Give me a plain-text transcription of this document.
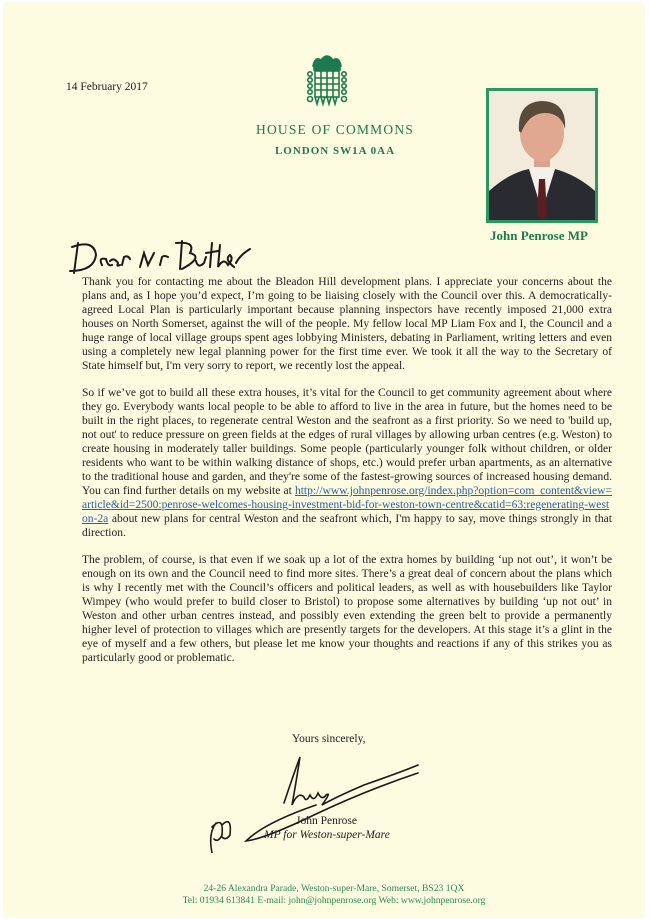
14 February 2017
HOUSE OF COMMONS
LONDON SW1A 0AA
John Penrose MP

Thank you for contacting me about the Bleadon Hill development plans. I appreciate your concerns about the plans and, as I hope you’d expect, I’m going to be liaising closely with the Council over this. A democratically-agreed Local Plan is particularly important because planning inspectors have recently imposed 21,000 extra houses on North Somerset, against the will of the people. My fellow local MP Liam Fox and I, the Council and a huge range of local village groups spent ages lobbying Ministers, debating in Parliament, writing letters and even using a completely new legal planning power for the first time ever. We took it all the way to the Secretary of State himself but, I'm very sorry to report, we recently lost the appeal.

So if we’ve got to build all these extra houses, it’s vital for the Council to get community agreement about where they go. Everybody wants local people to be able to afford to live in the area in future, but the homes need to be built in the right places, to regenerate central Weston and the seafront as a first priority. So we need to 'build up, not out' to reduce pressure on green fields at the edges of rural villages by allowing urban centres (e.g. Weston) to create housing in moderately taller buildings. Some people (particularly younger folk without children, or older residents who want to be within walking distance of shops, etc.) would prefer urban apartments, as an alternative to the traditional house and garden, and they're some of the fastest-growing sources of increased housing demand. You can find further details on my website at http://www.johnpenrose.org/index.php?option=com_content&view=article&id=2500:penrose-welcomes-housing-investment-bid-for-weston-town-centre&catid=63:regenerating-weston-2a about new plans for central Weston and the seafront which, I'm happy to say, move things strongly in that direction.

The problem, of course, is that even if we soak up a lot of the extra homes by building ‘up not out’, it won’t be enough on its own and the Council need to find more sites. There’s a great deal of concern about the plans which is why I recently met with the Council’s officers and political leaders, as well as with housebuilders like Taylor Wimpey (who would prefer to build closer to Bristol) to propose some alternatives by building ‘up not out’ in Weston and other urban centres instead, and possibly even extending the green belt to provide a permanently higher level of protection to villages which are presently targets for the developers. At this stage it’s a glint in the eye of myself and a few others, but please let me know your thoughts and reactions if any of this strikes you as particularly good or problematic.

Yours sincerely,
John Penrose
MP for Weston-super-Mare
24-26 Alexandra Parade, Weston-super-Mare, Somerset, BS23 1QX
Tel: 01934 613841 E-mail: john@johnpenrose.org Web: www.johnpenrose.org
